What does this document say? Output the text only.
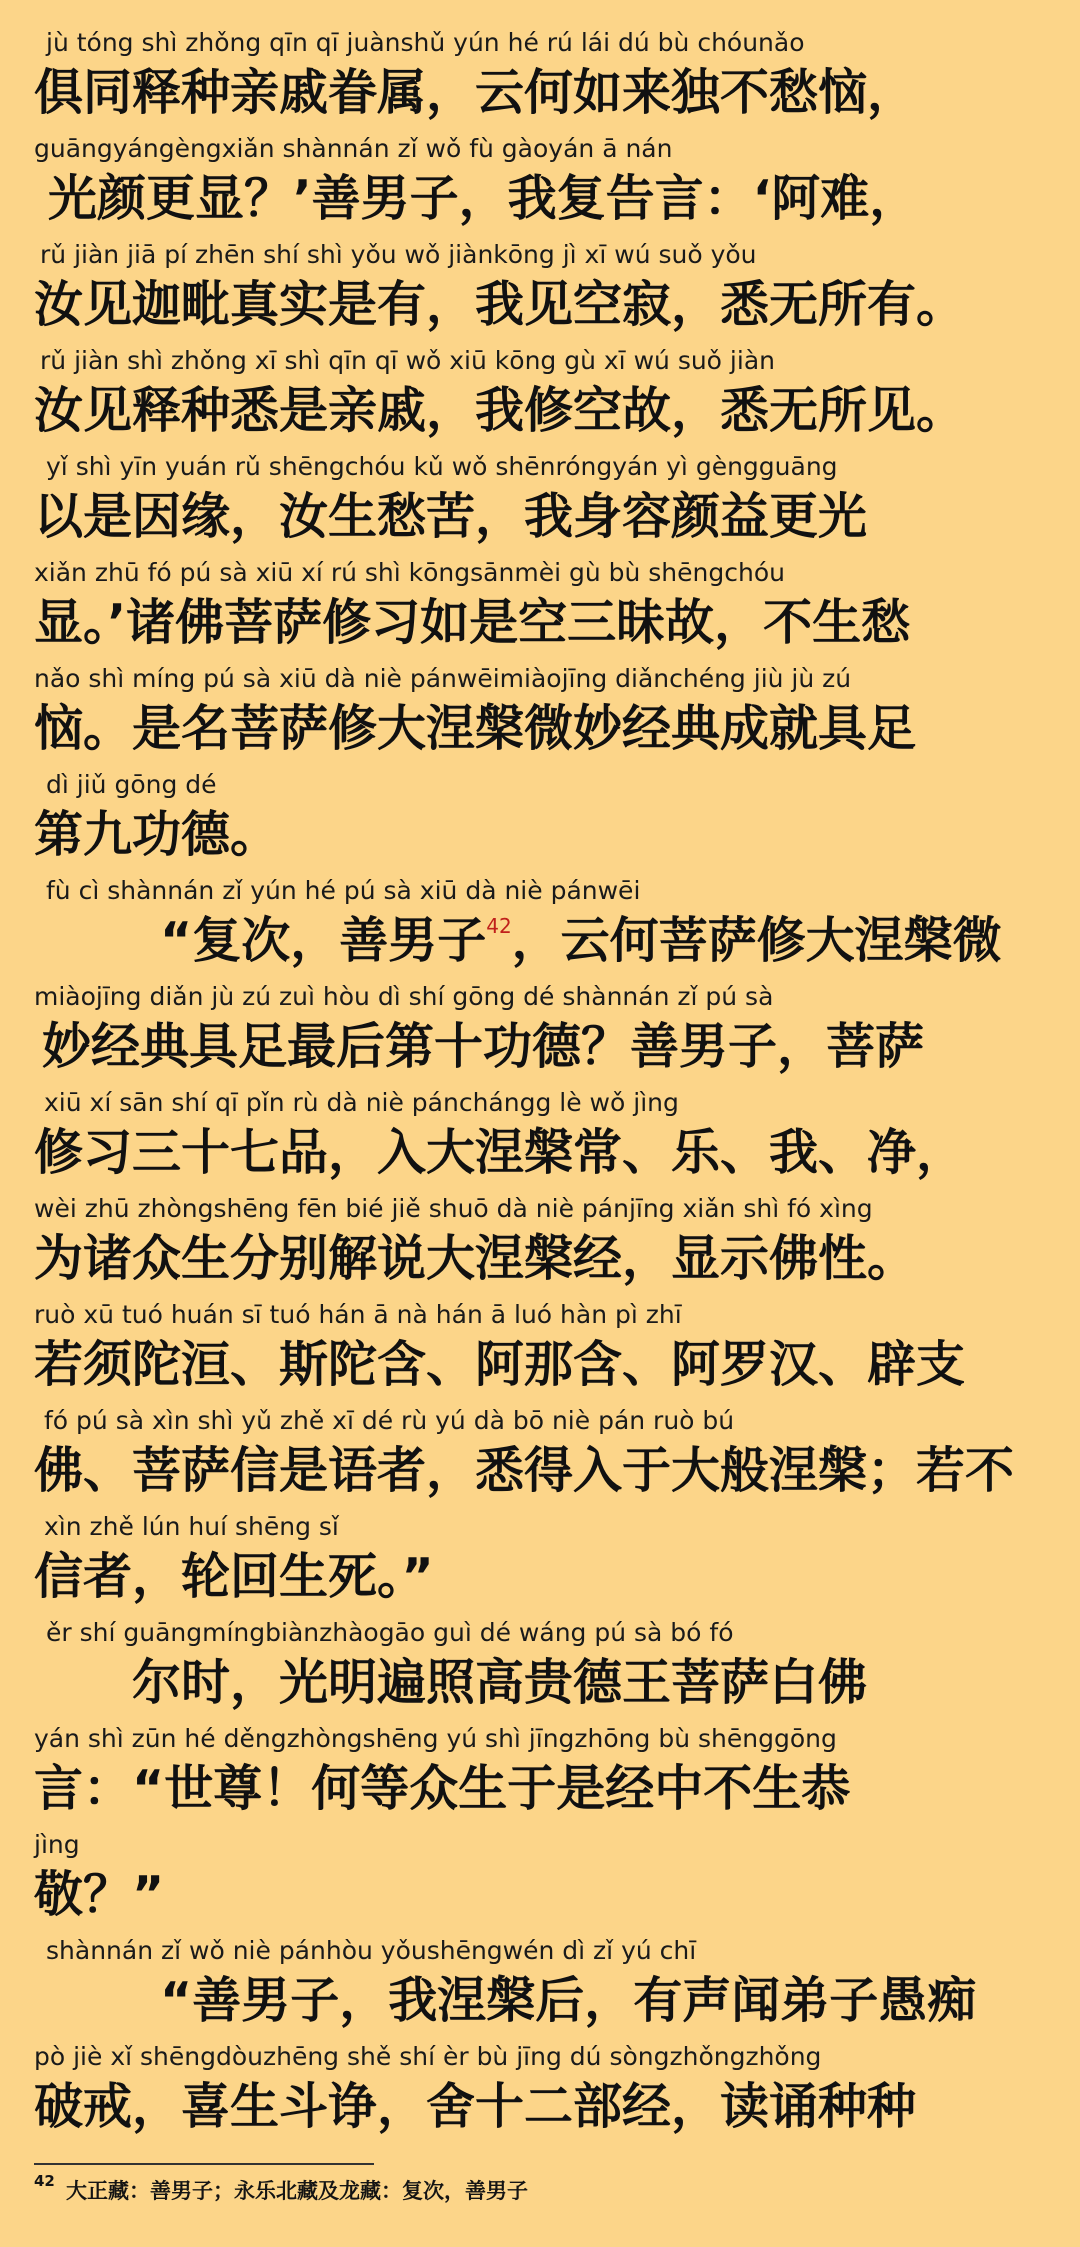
jù tóng shì zhǒng qīn qī juànshǔ yún hé rú lái dú bù chóunǎo
俱同释种亲戚眷属，云何如来独不愁恼，
guāngyángèngxiǎn shànnán zǐ wǒ fù gàoyán ā nán
光颜更显？’善男子，我复告言：‘阿难，
rǔ jiàn jiā pí zhēn shí shì yǒu wǒ jiànkōng jì xī wú suǒ yǒu
汝见迦毗真实是有，我见空寂，悉无所有。
rǔ jiàn shì zhǒng xī shì qīn qī wǒ xiū kōng gù xī wú suǒ jiàn
汝见释种悉是亲戚，我修空故，悉无所见。
yǐ shì yīn yuán rǔ shēngchóu kǔ wǒ shēnróngyán yì gèngguāng
以是因缘，汝生愁苦，我身容颜益更光
xiǎn zhū fó pú sà xiū xí rú shì kōngsānmèi gù bù shēngchóu
显。’诸佛菩萨修习如是空三昧故，不生愁
nǎo shì míng pú sà xiū dà niè pánwēimiàojīng diǎnchéng jiù jù zú
恼。是名菩萨修大涅槃微妙经典成就具足
dì jiǔ gōng dé
第九功德。
fù cì shànnán zǐ yún hé pú sà xiū dà niè pánwēi
“复次，善男子$^{42}$，云何菩萨修大涅槃微
miàojīng diǎn jù zú zuì hòu dì shí gōng dé shànnán zǐ pú sà
妙经典具足最后第十功德？善男子，菩萨
xiū xí sān shí qī pǐn rù dà niè pánchángg lè wǒ jìng
修习三十七品，入大涅槃常、乐、我、净，
wèi zhū zhòngshēng fēn bié jiě shuō dà niè pánjīng xiǎn shì fó xìng
为诸众生分别解说大涅槃经，显示佛性。
ruò xū tuó huán sī tuó hán ā nà hán ā luó hàn pì zhī
若须陀洹、斯陀含、阿那含、阿罗汉、辟支
fó pú sà xìn shì yǔ zhě xī dé rù yú dà bō niè pán ruò bú
佛、菩萨信是语者，悉得入于大般涅槃；若不
xìn zhě lún huí shēng sǐ
信者，轮回生死。”
ěr shí guāngmíngbiànzhàogāo guì dé wáng pú sà bó fó
　　尔时，光明遍照高贵德王菩萨白佛
yán shì zūn hé děngzhòngshēng yú shì jīngzhōng bù shēnggōng
言：“世尊！何等众生于是经中不生恭
jìng
敬？”
shànnán zǐ wǒ niè pánhòu yǒushēngwén dì zǐ yú chī
“善男子，我涅槃后，有声闻弟子愚痴
pò jiè xǐ shēngdòuzhēng shě shí èr bù jīng dú sòngzhǒngzhǒng
破戒，喜生斗诤，舍十二部经，读诵种种
42 大正藏：善男子；永乐北藏及龙藏：复次，善男子
